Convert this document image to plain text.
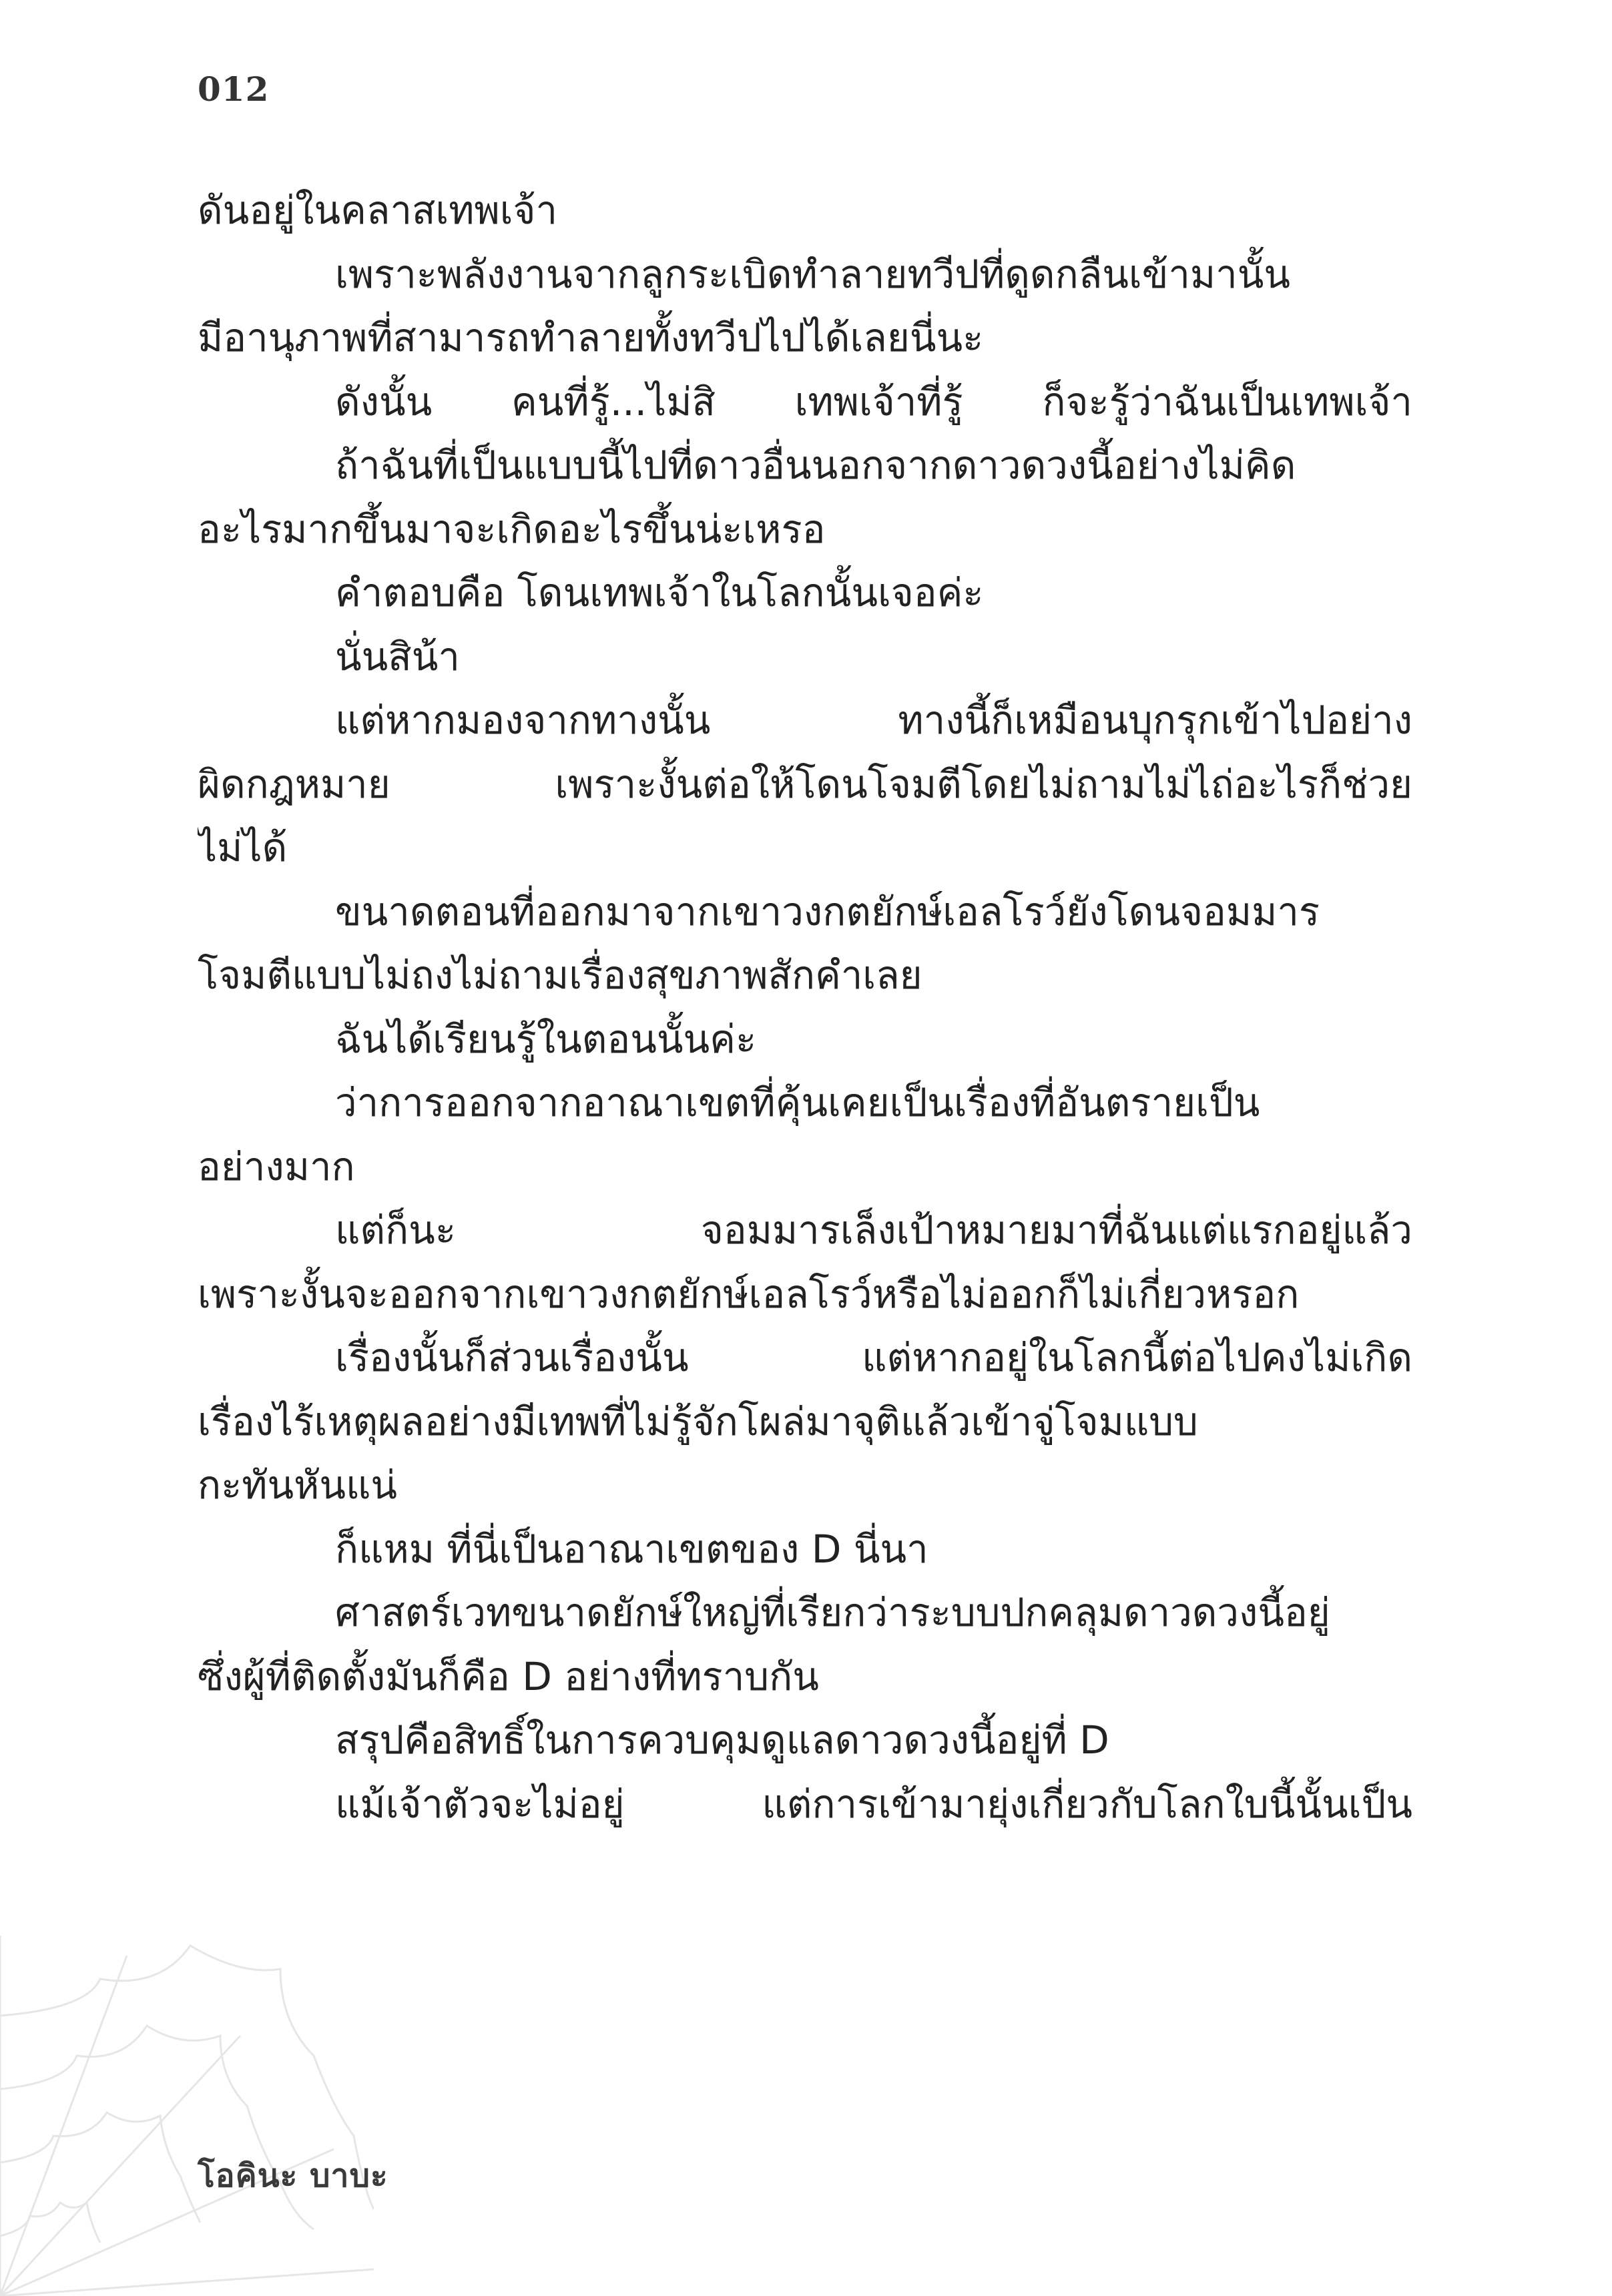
012
ดันอยู่ในคลาสเทพเจ้า
เพราะพลังงานจากลูกระเบิดทำลายทวีปที่ดูดกลืนเข้ามานั้น
มีอานุภาพที่สามารถทำลายทั้งทวีปไปได้เลยนี่นะ
ดังนั้น คนที่รู้...ไม่สิ เทพเจ้าที่รู้ ก็จะรู้ว่าฉันเป็นเทพเจ้า
ถ้าฉันที่เป็นแบบนี้ไปที่ดาวอื่นนอกจากดาวดวงนี้อย่างไม่คิด
อะไรมากขึ้นมาจะเกิดอะไรขึ้นน่ะเหรอ
คำตอบคือ โดนเทพเจ้าในโลกนั้นเจอค่ะ
นั่นสิน้า
แต่หากมองจากทางนั้น ทางนี้ก็เหมือนบุกรุกเข้าไปอย่าง
ผิดกฎหมาย เพราะงั้นต่อให้โดนโจมตีโดยไม่ถามไม่ไถ่อะไรก็ช่วย
ไม่ได้
ขนาดตอนที่ออกมาจากเขาวงกตยักษ์เอลโรว์ยังโดนจอมมาร
โจมตีแบบไม่ถงไม่ถามเรื่องสุขภาพสักคำเลย
ฉันได้เรียนรู้ในตอนนั้นค่ะ
ว่าการออกจากอาณาเขตที่คุ้นเคยเป็นเรื่องที่อันตรายเป็น
อย่างมาก
แต่ก็นะ จอมมารเล็งเป้าหมายมาที่ฉันแต่แรกอยู่แล้ว
เพราะงั้นจะออกจากเขาวงกตยักษ์เอลโรว์หรือไม่ออกก็ไม่เกี่ยวหรอก
เรื่องนั้นก็ส่วนเรื่องนั้น แต่หากอยู่ในโลกนี้ต่อไปคงไม่เกิด
เรื่องไร้เหตุผลอย่างมีเทพที่ไม่รู้จักโผล่มาจุติแล้วเข้าจู่โจมแบบ
กะทันหันแน่
ก็แหม ที่นี่เป็นอาณาเขตของ D นี่นา
ศาสตร์เวทขนาดยักษ์ใหญ่ที่เรียกว่าระบบปกคลุมดาวดวงนี้อยู่
ซึ่งผู้ที่ติดตั้งมันก็คือ D อย่างที่ทราบกัน
สรุปคือสิทธิ์ในการควบคุมดูแลดาวดวงนี้อยู่ที่ D
แม้เจ้าตัวจะไม่อยู่ แต่การเข้ามายุ่งเกี่ยวกับโลกใบนี้นั้นเป็น
โอคินะ บาบะ
